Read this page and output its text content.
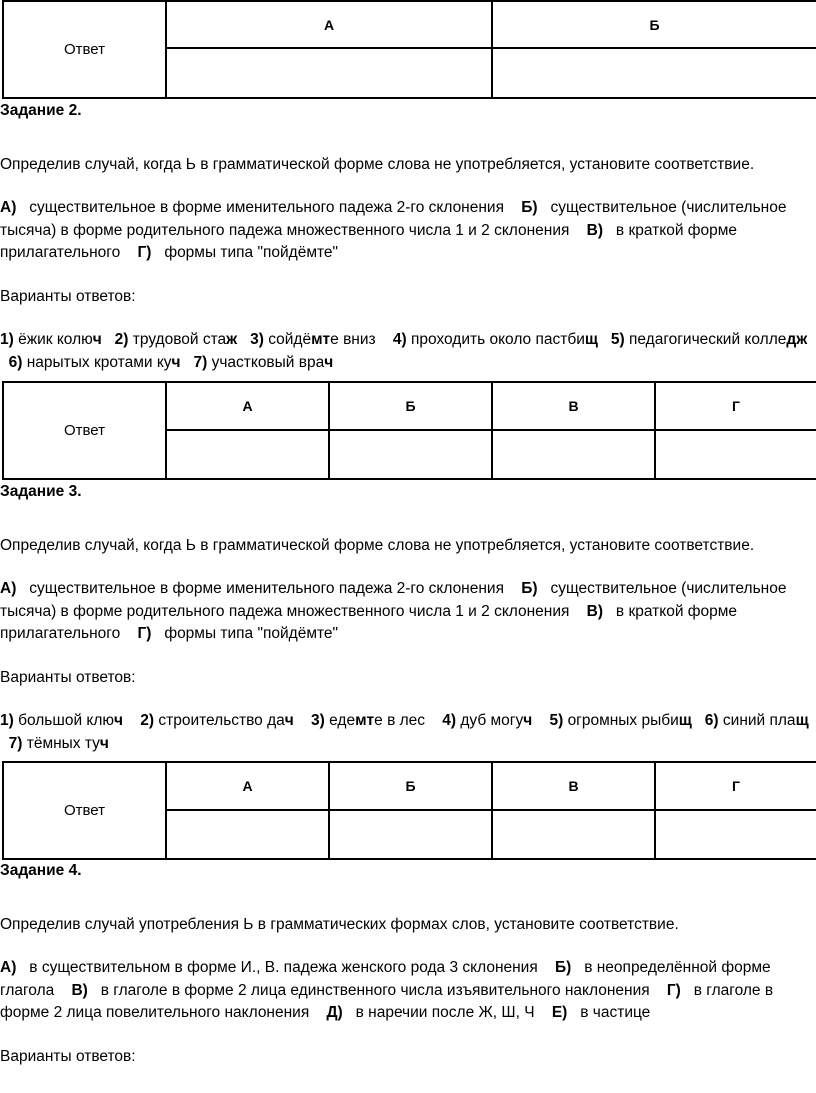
Ответ	А	Б

Задание 2.

Определив случай, когда Ь в грамматической форме слова не употребляется, установите соответствие.

А) существительное в форме именительного падежа 2-го склонения Б) существительное (числительное тысяча) в форме родительного падежа множественного числа 1 и 2 склонения В) в краткой форме прилагательного Г) формы типа "пойдёмте"

Варианты ответов:

1) ёжик колюч 2) трудовой стаж 3) сойдёмте вниз 4) проходить около пастбищ 5) педагогический колледж   6) нарытых кротами куч 7) участковый врач

Ответ	А	Б	В	Г

Задание 3.

Определив случай, когда Ь в грамматической форме слова не употребляется, установите соответствие.

А) существительное в форме именительного падежа 2-го склонения Б) существительное (числительное тысяча) в форме родительного падежа множественного числа 1 и 2 склонения В) в краткой форме прилагательного Г) формы типа "пойдёмте"

Варианты ответов:

1) большой ключ 2) строительство дач 3) едемте в лес 4) дуб могуч 5) огромных рыбищ 6) синий плащ   7) тёмных туч

Ответ	А	Б	В	Г

Задание 4.

Определив случай употребления Ь в грамматических формах слов, установите соответствие.

А) в существительном в форме И., В. падежа женского рода 3 склонения Б) в неопределённой форме глагола В) в глаголе в форме 2 лица единственного числа изъявительного наклонения Г) в глаголе в форме 2 лица повелительного наклонения Д) в наречии после Ж, Ш, Ч Е) в частице

Варианты ответов:
